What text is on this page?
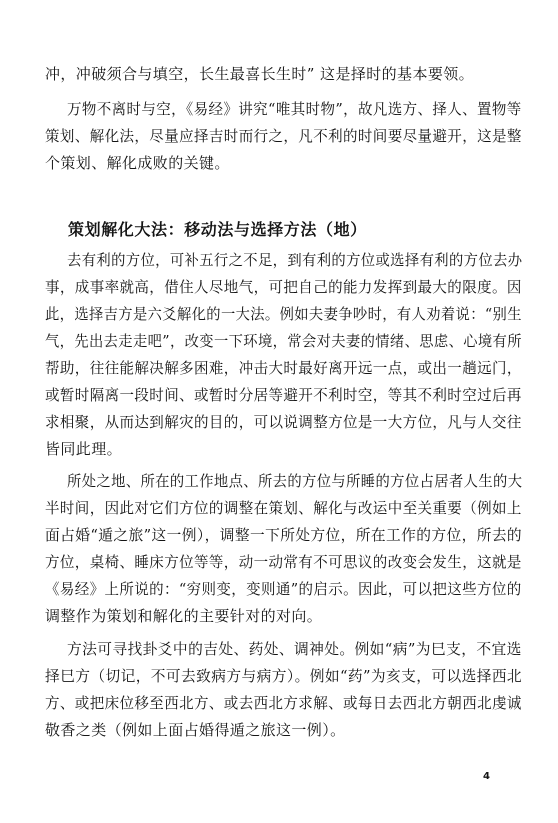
冲，冲破须合与填空，长生最喜长生时” 这是择时的基本要领。
万物不离时与空，《易经》讲究“唯其时物”，故凡选方、择人、置物等
策划、解化法，尽量应择吉时而行之，凡不利的时间要尽量避开，这是整
个策划、解化成败的关键。
策划解化大法：移动法与选择方法（地）
去有利的方位，可补五行之不足，到有利的方位或选择有利的方位去办
事，成事率就高，借住人尽地气，可把自己的能力发挥到最大的限度。因
此，选择吉方是六爻解化的一大法。例如夫妻争吵时，有人劝着说：“别生
气，先出去走走吧”，改变一下环境，常会对夫妻的情绪、思虑、心境有所
帮助，往往能解决解多困难，冲击大时最好离开远一点，或出一趟远门，
或暂时隔离一段时间、或暂时分居等避开不利时空，等其不利时空过后再
求相聚，从而达到解灾的目的，可以说调整方位是一大方位，凡与人交往
皆同此理。
所处之地、所在的工作地点、所去的方位与所睡的方位占居者人生的大
半时间，因此对它们方位的调整在策划、解化与改运中至关重要（例如上
面占婚“遁之旅”这一例），调整一下所处方位，所在工作的方位，所去的
方位，桌椅、睡床方位等等，动一动常有不可思议的改变会发生，这就是
《易经》上所说的：“穷则变，变则通”的启示。因此，可以把这些方位的
调整作为策划和解化的主要针对的对向。
方法可寻找卦爻中的吉处、药处、调神处。例如“病”为巳支，不宜选
择巳方（切记，不可去致病方与病方）。例如“药”为亥支，可以选择西北
方、或把床位移至西北方、或去西北方求解、或每日去西北方朝西北虔诚
敬香之类（例如上面占婚得遁之旅这一例）。
4
